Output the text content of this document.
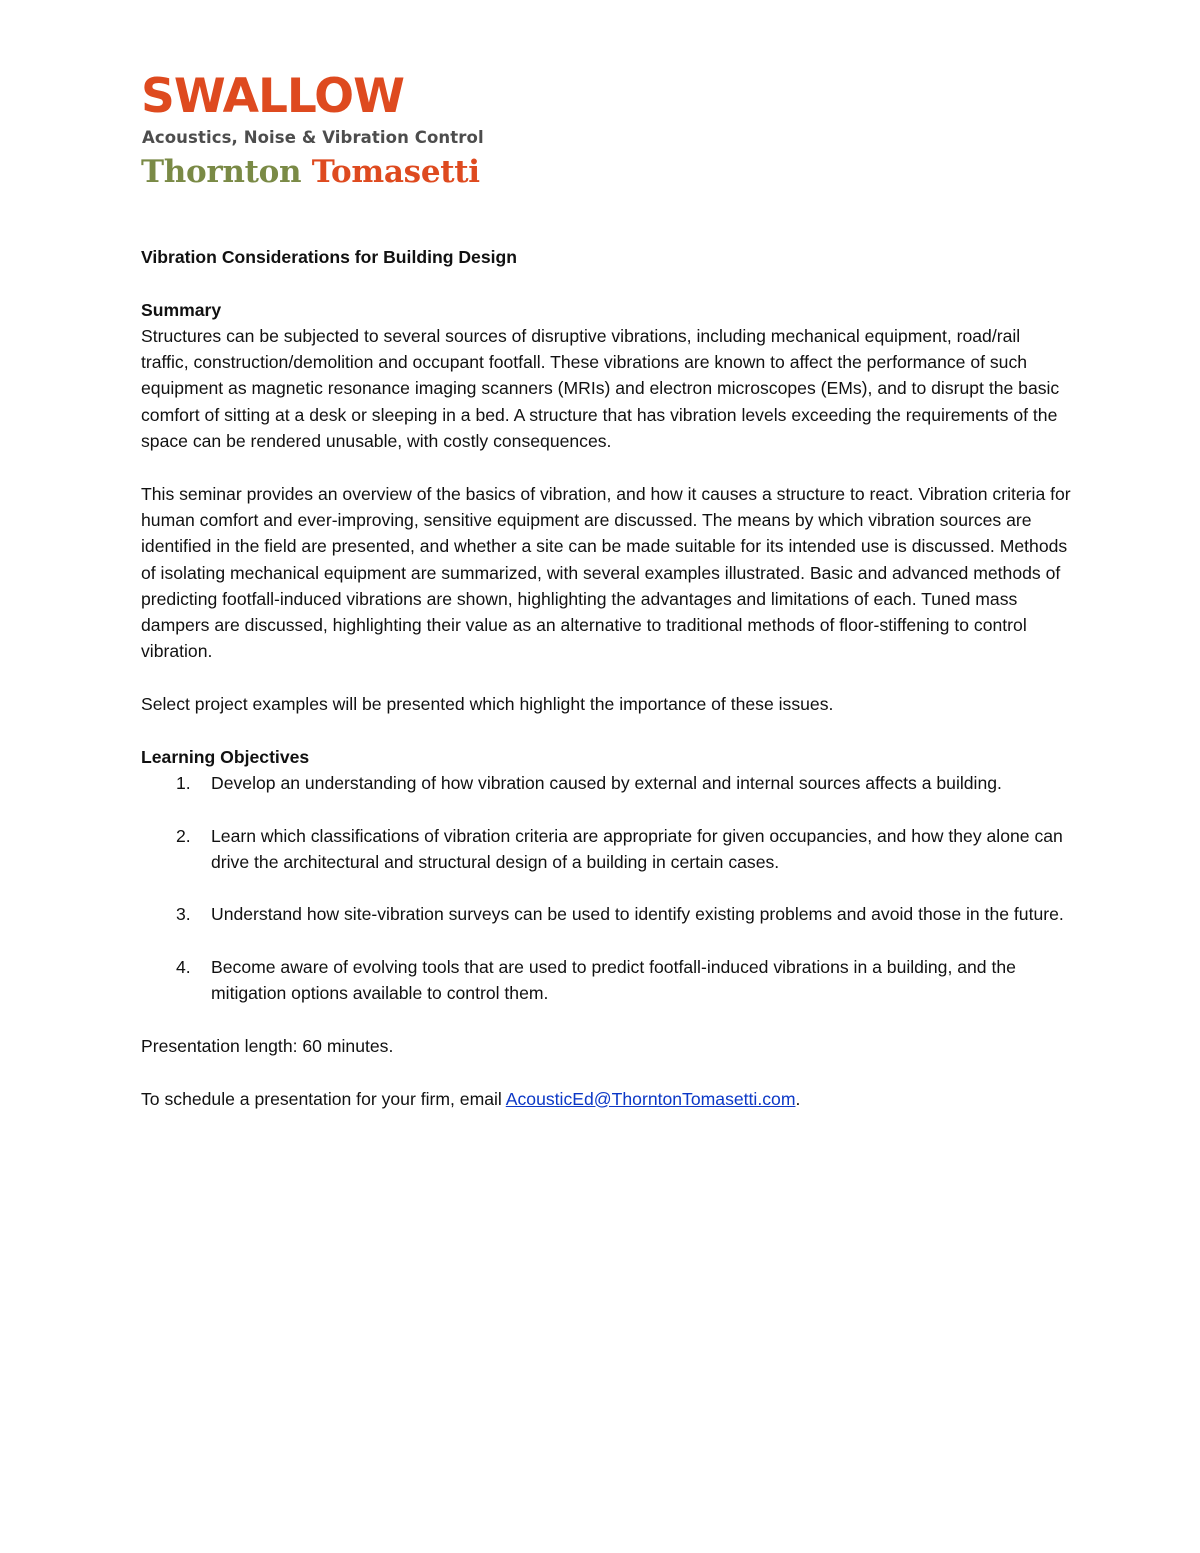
SWALLOW
Acoustics, Noise & Vibration Control
Thornton Tomasetti

Vibration Considerations for Building Design

Summary

Structures can be subjected to several sources of disruptive vibrations, including mechanical equipment, road/rail traffic, construction/demolition and occupant footfall. These vibrations are known to affect the performance of such equipment as magnetic resonance imaging scanners (MRIs) and electron microscopes (EMs), and to disrupt the basic comfort of sitting at a desk or sleeping in a bed. A structure that has vibration levels exceeding the requirements of the space can be rendered unusable, with costly consequences.

This seminar provides an overview of the basics of vibration, and how it causes a structure to react. Vibration criteria for human comfort and ever-improving, sensitive equipment are discussed. The means by which vibration sources are identified in the field are presented, and whether a site can be made suitable for its intended use is discussed. Methods of isolating mechanical equipment are summarized, with several examples illustrated. Basic and advanced methods of predicting footfall-induced vibrations are shown, highlighting the advantages and limitations of each. Tuned mass dampers are discussed, highlighting their value as an alternative to traditional methods of floor-stiffening to control vibration.

Select project examples will be presented which highlight the importance of these issues.

Learning Objectives

1. Develop an understanding of how vibration caused by external and internal sources affects a building.
2. Learn which classifications of vibration criteria are appropriate for given occupancies, and how they alone can drive the architectural and structural design of a building in certain cases.
3. Understand how site-vibration surveys can be used to identify existing problems and avoid those in the future.
4. Become aware of evolving tools that are used to predict footfall-induced vibrations in a building, and the mitigation options available to control them.

Presentation length: 60 minutes.

To schedule a presentation for your firm, email AcousticEd@ThorntonTomasetti.com.
